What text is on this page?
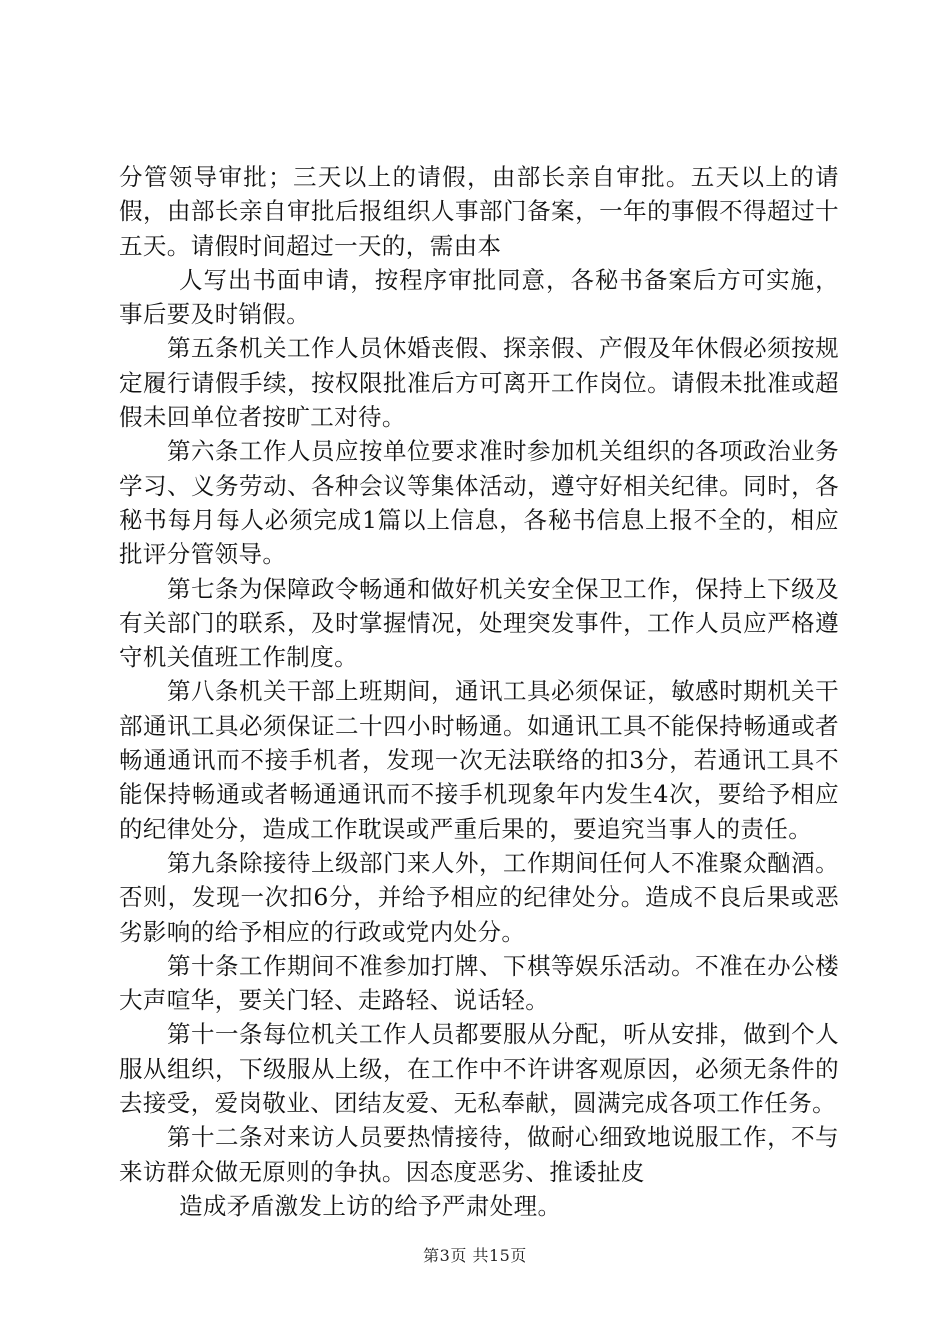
分管领导审批；三天以上的请假，由部长亲自审批。五天以上的请假，由部长亲自审批后报组织人事部门备案，一年的事假不得超过十五天。请假时间超过一天的，需由本

人写出书面申请，按程序审批同意，各秘书备案后方可实施，事后要及时销假。

第五条机关工作人员休婚丧假、探亲假、产假及年休假必须按规定履行请假手续，按权限批准后方可离开工作岗位。请假未批准或超假未回单位者按旷工对待。

第六条工作人员应按单位要求准时参加机关组织的各项政治业务学习、义务劳动、各种会议等集体活动，遵守好相关纪律。同时，各秘书每月每人必须完成1篇以上信息，各秘书信息上报不全的，相应批评分管领导。

第七条为保障政令畅通和做好机关安全保卫工作，保持上下级及有关部门的联系，及时掌握情况，处理突发事件，工作人员应严格遵守机关值班工作制度。

第八条机关干部上班期间，通讯工具必须保证，敏感时期机关干部通讯工具必须保证二十四小时畅通。如通讯工具不能保持畅通或者畅通通讯而不接手机者，发现一次无法联络的扣3分，若通讯工具不能保持畅通或者畅通通讯而不接手机现象年内发生4次，要给予相应的纪律处分，造成工作耽误或严重后果的，要追究当事人的责任。

第九条除接待上级部门来人外，工作期间任何人不准聚众酗酒。否则，发现一次扣6分，并给予相应的纪律处分。造成不良后果或恶劣影响的给予相应的行政或党内处分。

第十条工作期间不准参加打牌、下棋等娱乐活动。不准在办公楼大声喧华，要关门轻、走路轻、说话轻。

第十一条每位机关工作人员都要服从分配，听从安排，做到个人服从组织，下级服从上级，在工作中不许讲客观原因，必须无条件的去接受，爱岗敬业、团结友爱、无私奉献，圆满完成各项工作任务。

第十二条对来访人员要热情接待，做耐心细致地说服工作，不与来访群众做无原则的争执。因态度恶劣、推诿扯皮

造成矛盾激发上访的给予严肃处理。

第3页 共15页
